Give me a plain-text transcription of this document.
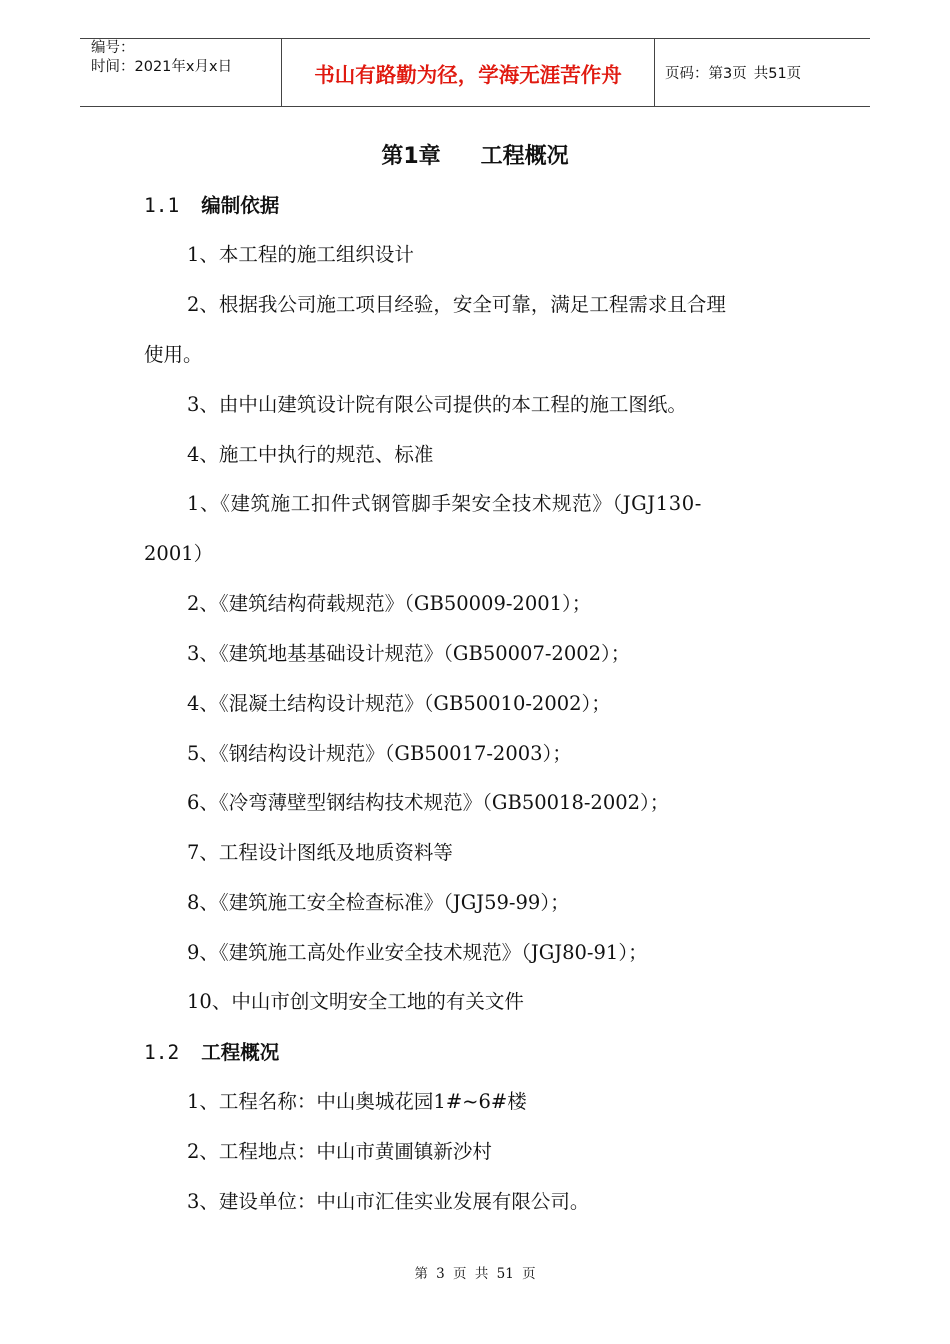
编号：
时间：2021年x月x日	书山有路勤为径，学海无涯苦作舟	页码：第3页 共51页
第1章 工程概况
1.1 编制依据
1、本工程的施工组织设计
2、根据我公司施工项目经验，安全可靠，满足工程需求且合理
使用。
3、由中山建筑设计院有限公司提供的本工程的施工图纸。
4、施工中执行的规范、标准
1、《建筑施工扣件式钢管脚手架安全技术规范》（JGJ130-
2001）
2、《建筑结构荷载规范》（GB50009-2001）；
3、《建筑地基基础设计规范》（GB50007-2002）；
4、《混凝土结构设计规范》（GB50010-2002）；
5、《钢结构设计规范》（GB50017-2003）；
6、《冷弯薄壁型钢结构技术规范》（GB50018-2002）；
7、工程设计图纸及地质资料等
8、《建筑施工安全检查标准》（JGJ59-99）；
9、《建筑施工高处作业安全技术规范》（JGJ80-91）；
10、中山市创文明安全工地的有关文件
1.2 工程概况
1、工程名称：中山奥城花园1#~6#楼
2、工程地点：中山市黄圃镇新沙村
3、建设单位：中山市汇佳实业发展有限公司。
第 3 页 共 51 页
